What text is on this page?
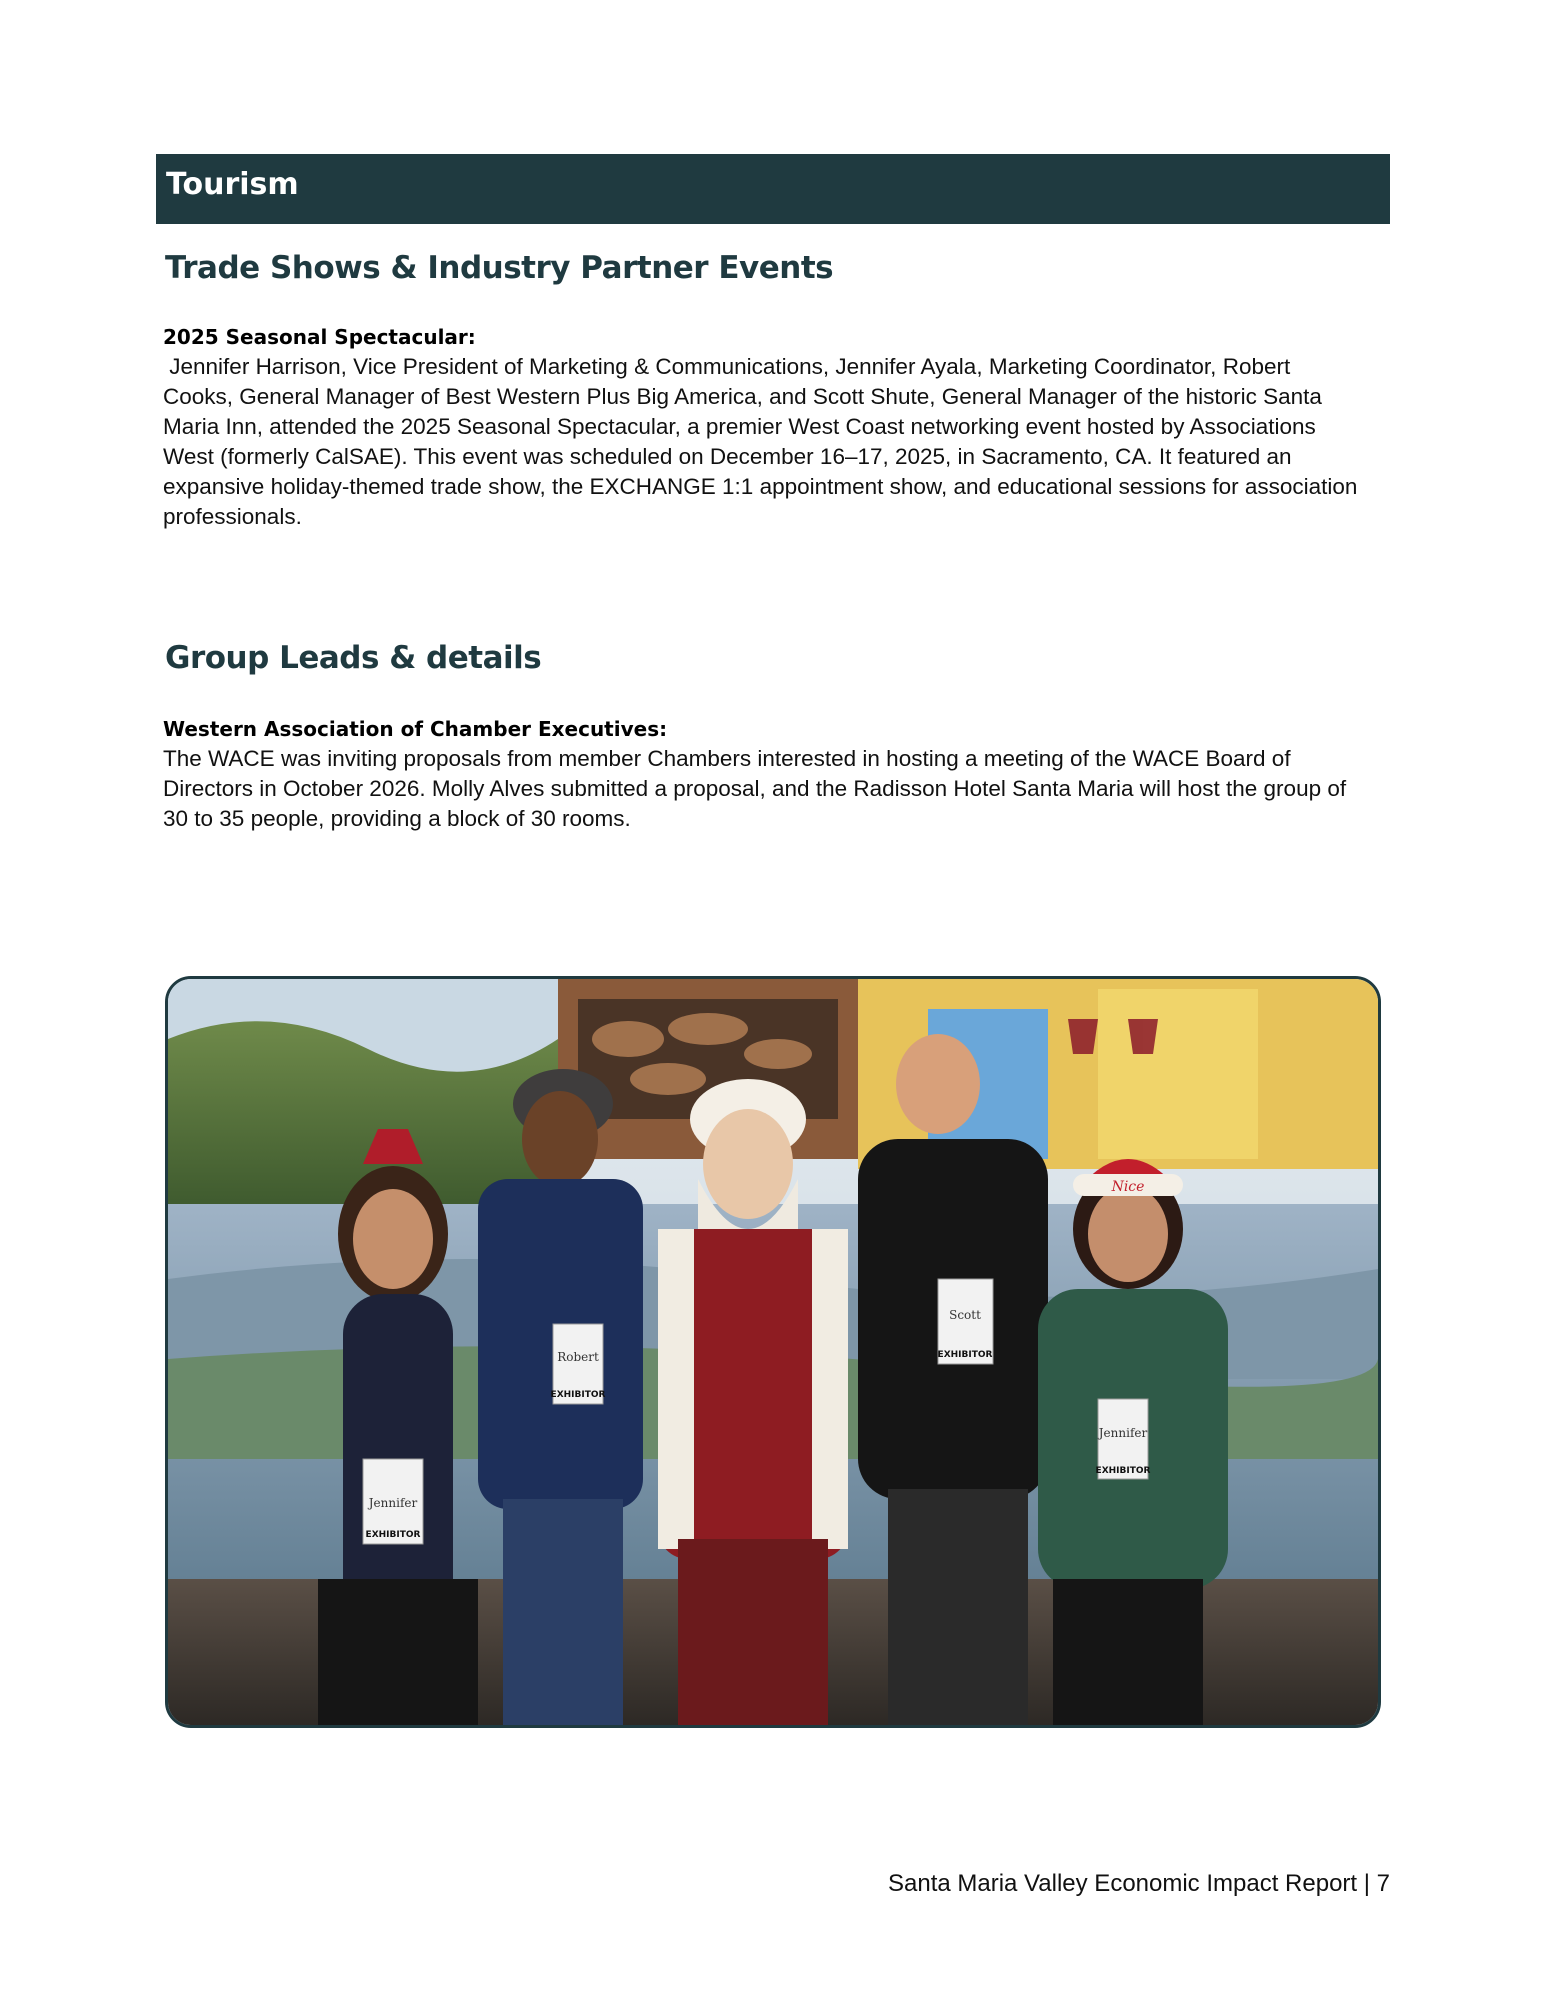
Tourism
Trade Shows & Industry Partner Events
2025 Seasonal Spectacular:

Jennifer Harrison, Vice President of Marketing & Communications, Jennifer Ayala, Marketing Coordinator, Robert Cooks, General Manager of Best Western Plus Big America, and Scott Shute, General Manager of the historic Santa Maria Inn, attended the 2025 Seasonal Spectacular, a premier West Coast networking event hosted by Associations West (formerly CalSAE). This event was scheduled on December 16–17, 2025, in Sacramento, CA. It featured an expansive holiday-themed trade show, the EXCHANGE 1:1 appointment show, and educational sessions for association professionals.

Group Leads & details
Western Association of Chamber Executives:

The WACE was inviting proposals from member Chambers interested in hosting a meeting of the WACE Board of Directors in October 2026. Molly Alves submitted a proposal, and the Radisson Hotel Santa Maria will host the group of 30 to 35 people, providing a block of 30 rooms.

Jennifer
Robert
Scott
Jennifer
EXHIBITOR
EXHIBITOR
EXHIBITOR
EXHIBITOR
Nice
Santa Maria Valley Economic Impact Report | 7
